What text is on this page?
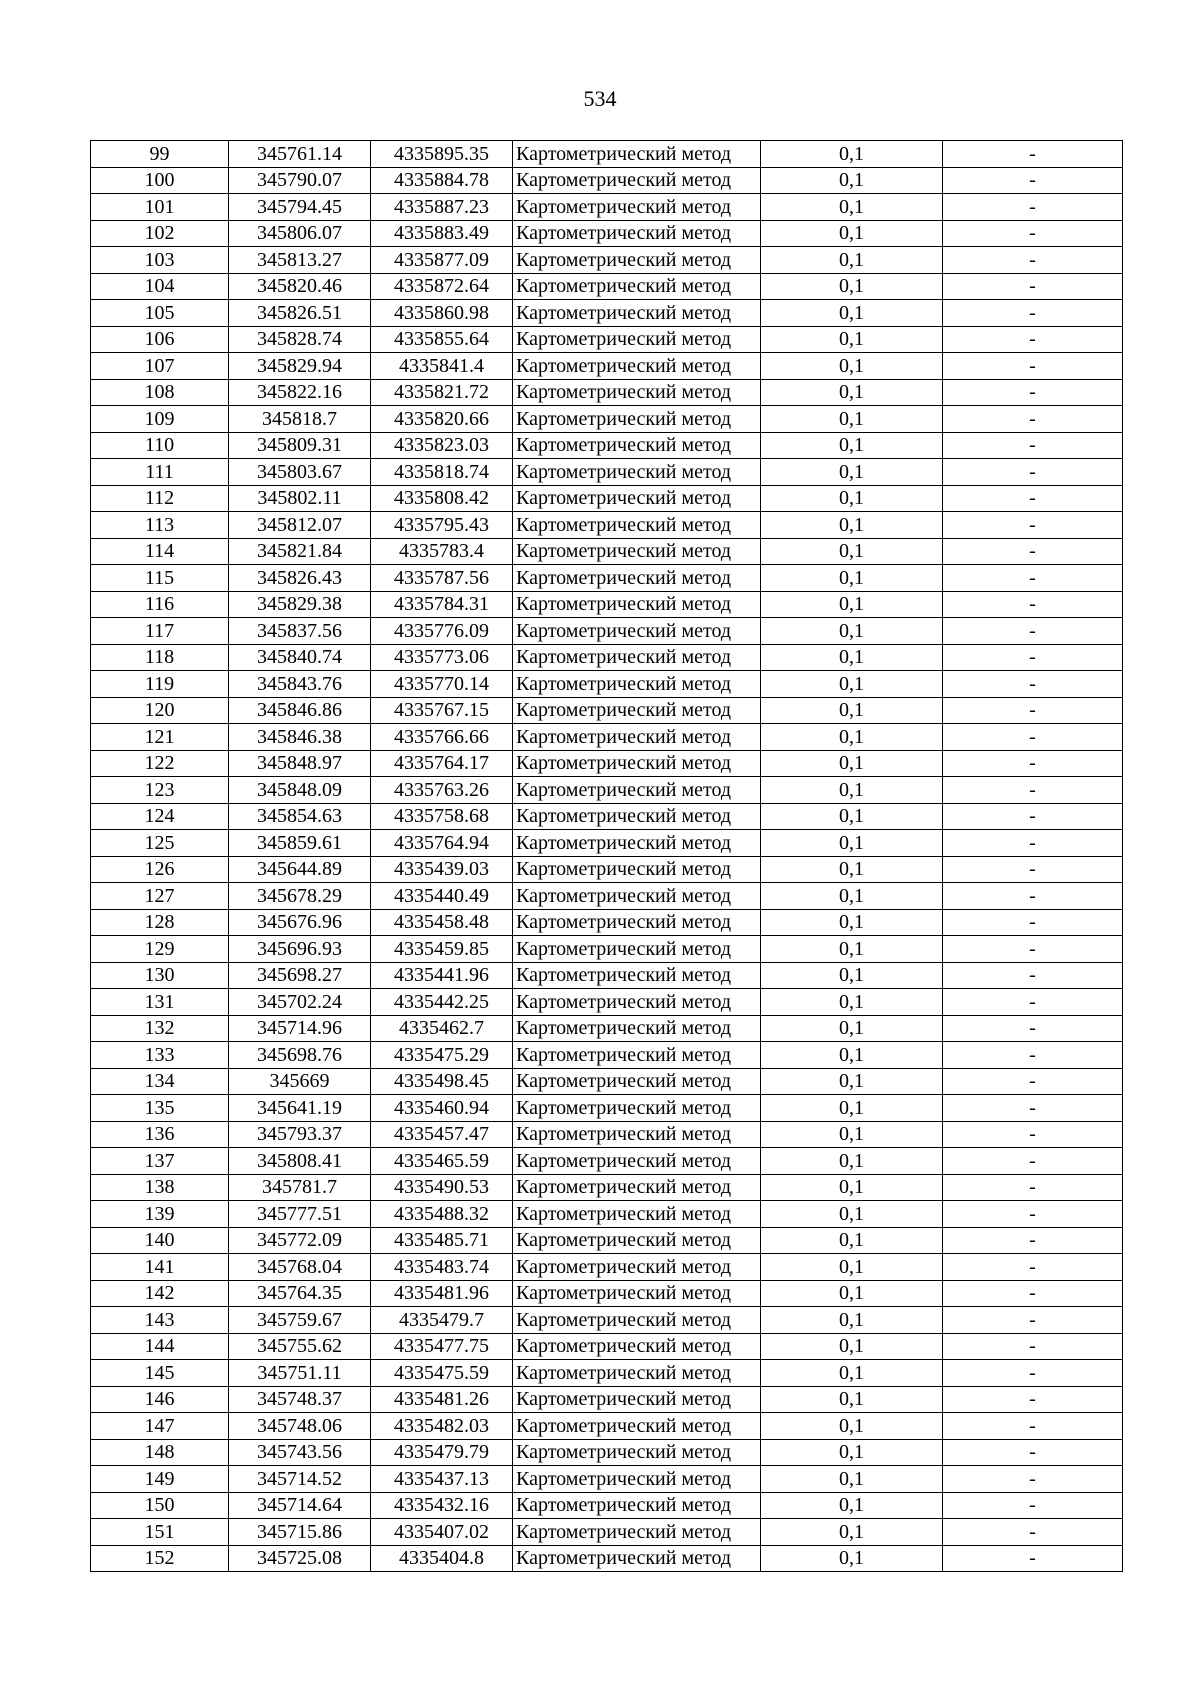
534
99	345761.14	4335895.35	Картометрический метод	0,1	-
100	345790.07	4335884.78	Картометрический метод	0,1	-
101	345794.45	4335887.23	Картометрический метод	0,1	-
102	345806.07	4335883.49	Картометрический метод	0,1	-
103	345813.27	4335877.09	Картометрический метод	0,1	-
104	345820.46	4335872.64	Картометрический метод	0,1	-
105	345826.51	4335860.98	Картометрический метод	0,1	-
106	345828.74	4335855.64	Картометрический метод	0,1	-
107	345829.94	4335841.4	Картометрический метод	0,1	-
108	345822.16	4335821.72	Картометрический метод	0,1	-
109	345818.7	4335820.66	Картометрический метод	0,1	-
110	345809.31	4335823.03	Картометрический метод	0,1	-
111	345803.67	4335818.74	Картометрический метод	0,1	-
112	345802.11	4335808.42	Картометрический метод	0,1	-
113	345812.07	4335795.43	Картометрический метод	0,1	-
114	345821.84	4335783.4	Картометрический метод	0,1	-
115	345826.43	4335787.56	Картометрический метод	0,1	-
116	345829.38	4335784.31	Картометрический метод	0,1	-
117	345837.56	4335776.09	Картометрический метод	0,1	-
118	345840.74	4335773.06	Картометрический метод	0,1	-
119	345843.76	4335770.14	Картометрический метод	0,1	-
120	345846.86	4335767.15	Картометрический метод	0,1	-
121	345846.38	4335766.66	Картометрический метод	0,1	-
122	345848.97	4335764.17	Картометрический метод	0,1	-
123	345848.09	4335763.26	Картометрический метод	0,1	-
124	345854.63	4335758.68	Картометрический метод	0,1	-
125	345859.61	4335764.94	Картометрический метод	0,1	-
126	345644.89	4335439.03	Картометрический метод	0,1	-
127	345678.29	4335440.49	Картометрический метод	0,1	-
128	345676.96	4335458.48	Картометрический метод	0,1	-
129	345696.93	4335459.85	Картометрический метод	0,1	-
130	345698.27	4335441.96	Картометрический метод	0,1	-
131	345702.24	4335442.25	Картометрический метод	0,1	-
132	345714.96	4335462.7	Картометрический метод	0,1	-
133	345698.76	4335475.29	Картометрический метод	0,1	-
134	345669	4335498.45	Картометрический метод	0,1	-
135	345641.19	4335460.94	Картометрический метод	0,1	-
136	345793.37	4335457.47	Картометрический метод	0,1	-
137	345808.41	4335465.59	Картометрический метод	0,1	-
138	345781.7	4335490.53	Картометрический метод	0,1	-
139	345777.51	4335488.32	Картометрический метод	0,1	-
140	345772.09	4335485.71	Картометрический метод	0,1	-
141	345768.04	4335483.74	Картометрический метод	0,1	-
142	345764.35	4335481.96	Картометрический метод	0,1	-
143	345759.67	4335479.7	Картометрический метод	0,1	-
144	345755.62	4335477.75	Картометрический метод	0,1	-
145	345751.11	4335475.59	Картометрический метод	0,1	-
146	345748.37	4335481.26	Картометрический метод	0,1	-
147	345748.06	4335482.03	Картометрический метод	0,1	-
148	345743.56	4335479.79	Картометрический метод	0,1	-
149	345714.52	4335437.13	Картометрический метод	0,1	-
150	345714.64	4335432.16	Картометрический метод	0,1	-
151	345715.86	4335407.02	Картометрический метод	0,1	-
152	345725.08	4335404.8	Картометрический метод	0,1	-
